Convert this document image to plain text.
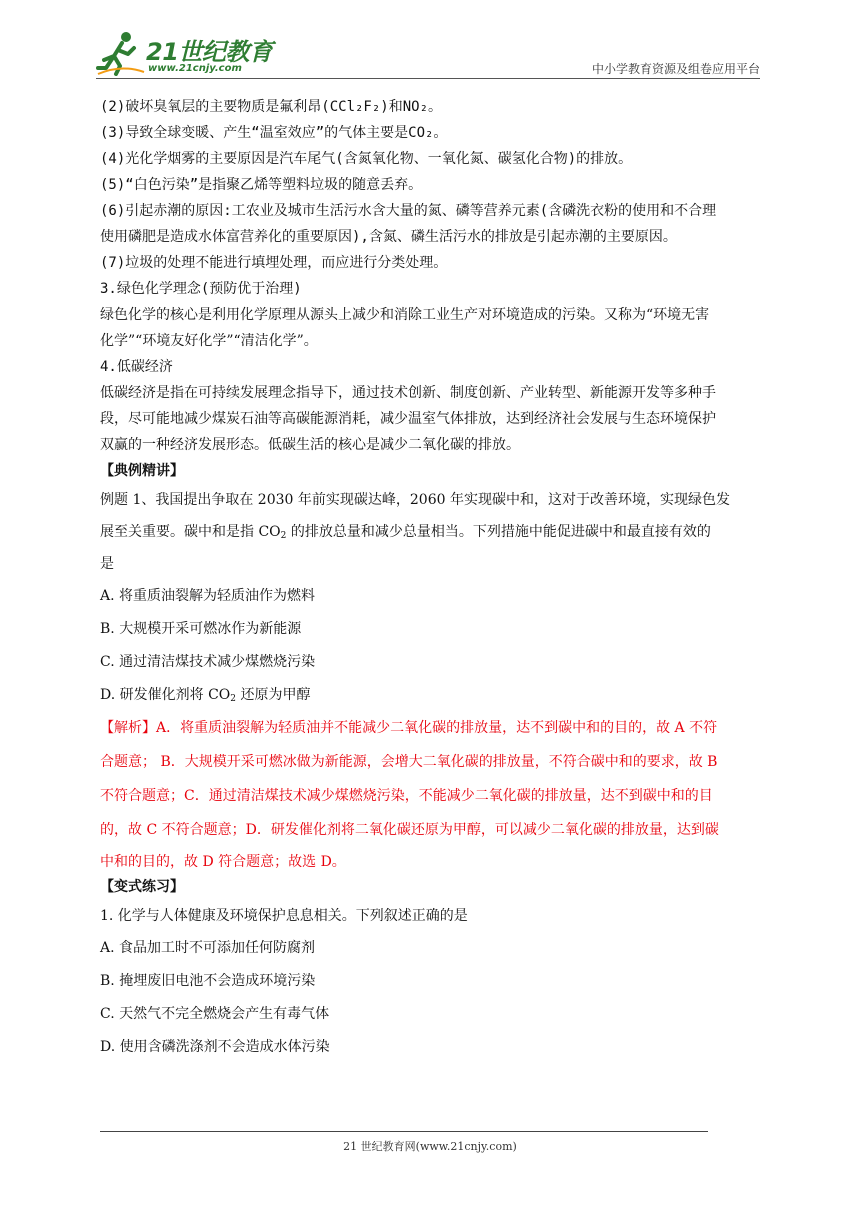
21世纪教育
www.21cnjy.com	中小学教育资源及组卷应用平台

(2)破坏臭氧层的主要物质是氟利昂(CCl₂F₂)和NO₂。

(3)导致全球变暖、产生“温室效应”的气体主要是CO₂。

(4)光化学烟雾的主要原因是汽车尾气(含氮氧化物、一氧化氮、碳氢化合物)的排放。

(5)“白色污染”是指聚乙烯等塑料垃圾的随意丢弃。

(6)引起赤潮的原因:工农业及城市生活污水含大量的氮、磷等营养元素(含磷洗衣粉的使用和不合理

使用磷肥是造成水体富营养化的重要原因),含氮、磷生活污水的排放是引起赤潮的主要原因。

(7)垃圾的处理不能进行填埋处理，而应进行分类处理。

3.绿色化学理念(预防优于治理)

绿色化学的核心是利用化学原理从源头上减少和消除工业生产对环境造成的污染。又称为“环境无害

化学”“环境友好化学”“清洁化学”。

4.低碳经济

低碳经济是指在可持续发展理念指导下，通过技术创新、制度创新、产业转型、新能源开发等多种手

段，尽可能地减少煤炭石油等高碳能源消耗，减少温室气体排放，达到经济社会发展与生态环境保护

双赢的一种经济发展形态。低碳生活的核心是减少二氧化碳的排放。

【典例精讲】

例题 1、我国提出争取在 2030 年前实现碳达峰，2060 年实现碳中和，这对于改善环境，实现绿色发

展至关重要。碳中和是指 $CO_2$ 的排放总量和减少总量相当。下列措施中能促进碳中和最直接有效的

是

A. 将重质油裂解为轻质油作为燃料

B. 大规模开采可燃冰作为新能源

C. 通过清洁煤技术减少煤燃烧污染

D. 研发催化剂将 $CO_2$ 还原为甲醇

【解析】A．将重质油裂解为轻质油并不能减少二氧化碳的排放量，达不到碳中和的目的，故 A 不符

合题意； B．大规模开采可燃冰做为新能源，会增大二氧化碳的排放量，不符合碳中和的要求，故 B

不符合题意；C．通过清洁煤技术减少煤燃烧污染，不能减少二氧化碳的排放量，达不到碳中和的目

的，故 C 不符合题意；D．研发催化剂将二氧化碳还原为甲醇，可以减少二氧化碳的排放量，达到碳

中和的目的，故 D 符合题意；故选 D。

【变式练习】

1. 化学与人体健康及环境保护息息相关。下列叙述正确的是

A. 食品加工时不可添加任何防腐剂

B. 掩埋废旧电池不会造成环境污染

C. 天然气不完全燃烧会产生有毒气体

D. 使用含磷洗涤剂不会造成水体污染

21 世纪教育网(www.21cnjy.com)
